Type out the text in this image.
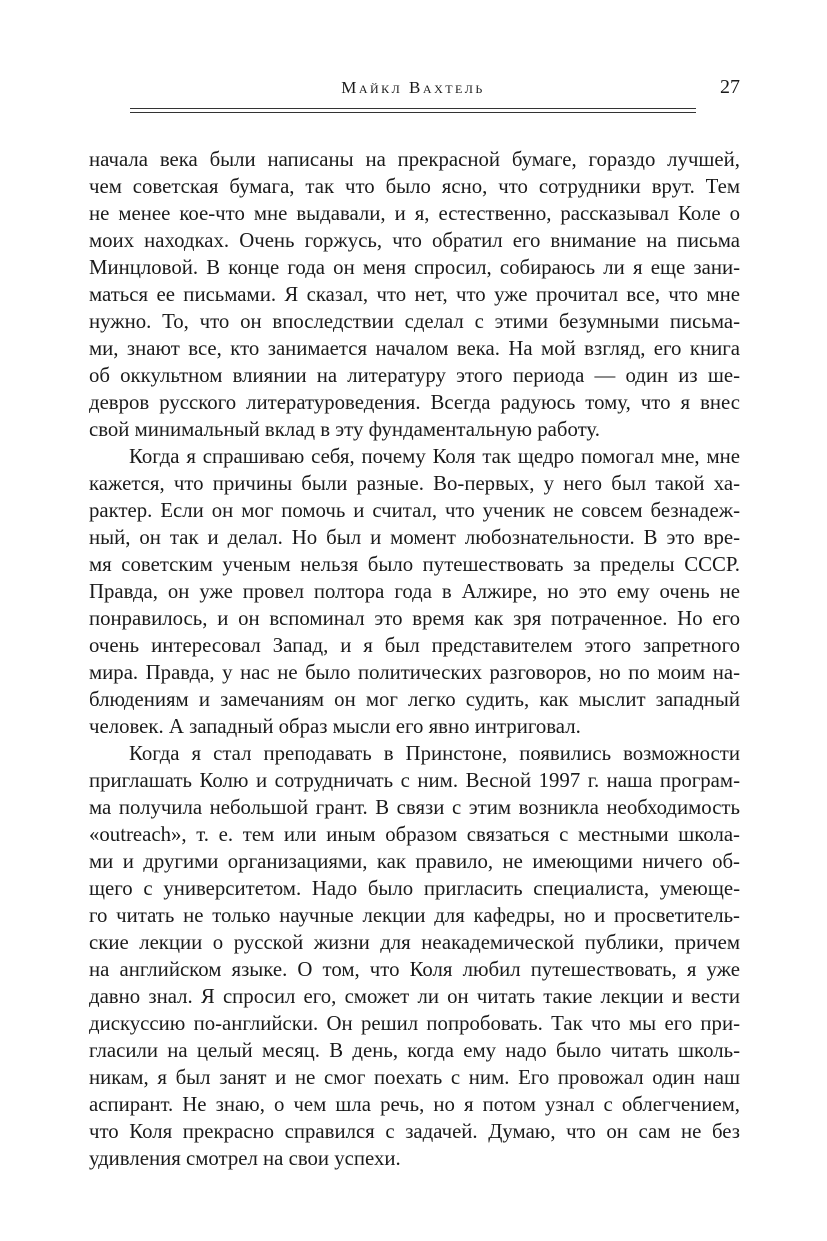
Майкл Вахтель	27
начала века были написаны на прекрасной бумаге, гораздо лучшей,
чем советская бумага, так что было ясно, что сотрудники врут. Тем
не менее кое-что мне выдавали, и я, естественно, рассказывал Коле о
моих находках. Очень горжусь, что обратил его внимание на письма
Минцловой. В конце года он меня спросил, собираюсь ли я еще зани-
маться ее письмами. Я сказал, что нет, что уже прочитал все, что мне
нужно. То, что он впоследствии сделал с этими безумными письма-
ми, знают все, кто занимается началом века. На мой взгляд, его книга
об оккультном влиянии на литературу этого периода — один из ше-
девров русского литературоведения. Всегда радуюсь тому, что я внес
свой минимальный вклад в эту фундаментальную работу.
Когда я спрашиваю себя, почему Коля так щедро помогал мне, мне
кажется, что причины были разные. Во-первых, у него был такой ха-
рактер. Если он мог помочь и считал, что ученик не совсем безнадеж-
ный, он так и делал. Но был и момент любознательности. В это вре-
мя советским ученым нельзя было путешествовать за пределы СССР.
Правда, он уже провел полтора года в Алжире, но это ему очень не
понравилось, и он вспоминал это время как зря потраченное. Но его
очень интересовал Запад, и я был представителем этого запретного
мира. Правда, у нас не было политических разговоров, но по моим на-
блюдениям и замечаниям он мог легко судить, как мыслит западный
человек. А западный образ мысли его явно интриговал.
Когда я стал преподавать в Принстоне, появились возможности
приглашать Колю и сотрудничать с ним. Весной 1997 г. наша програм-
ма получила небольшой грант. В связи с этим возникла необходимость
«outreach», т. е. тем или иным образом связаться с местными школа-
ми и другими организациями, как правило, не имеющими ничего об-
щего с университетом. Надо было пригласить специалиста, умеюще-
го читать не только научные лекции для кафедры, но и просветитель-
ские лекции о русской жизни для неакадемической публики, причем
на английском языке. О том, что Коля любил путешествовать, я уже
давно знал. Я спросил его, сможет ли он читать такие лекции и вести
дискуссию по-английски. Он решил попробовать. Так что мы его при-
гласили на целый месяц. В день, когда ему надо было читать школь-
никам, я был занят и не смог поехать с ним. Его провожал один наш
аспирант. Не знаю, о чем шла речь, но я потом узнал с облегчением,
что Коля прекрасно справился с задачей. Думаю, что он сам не без
удивления смотрел на свои успехи.
